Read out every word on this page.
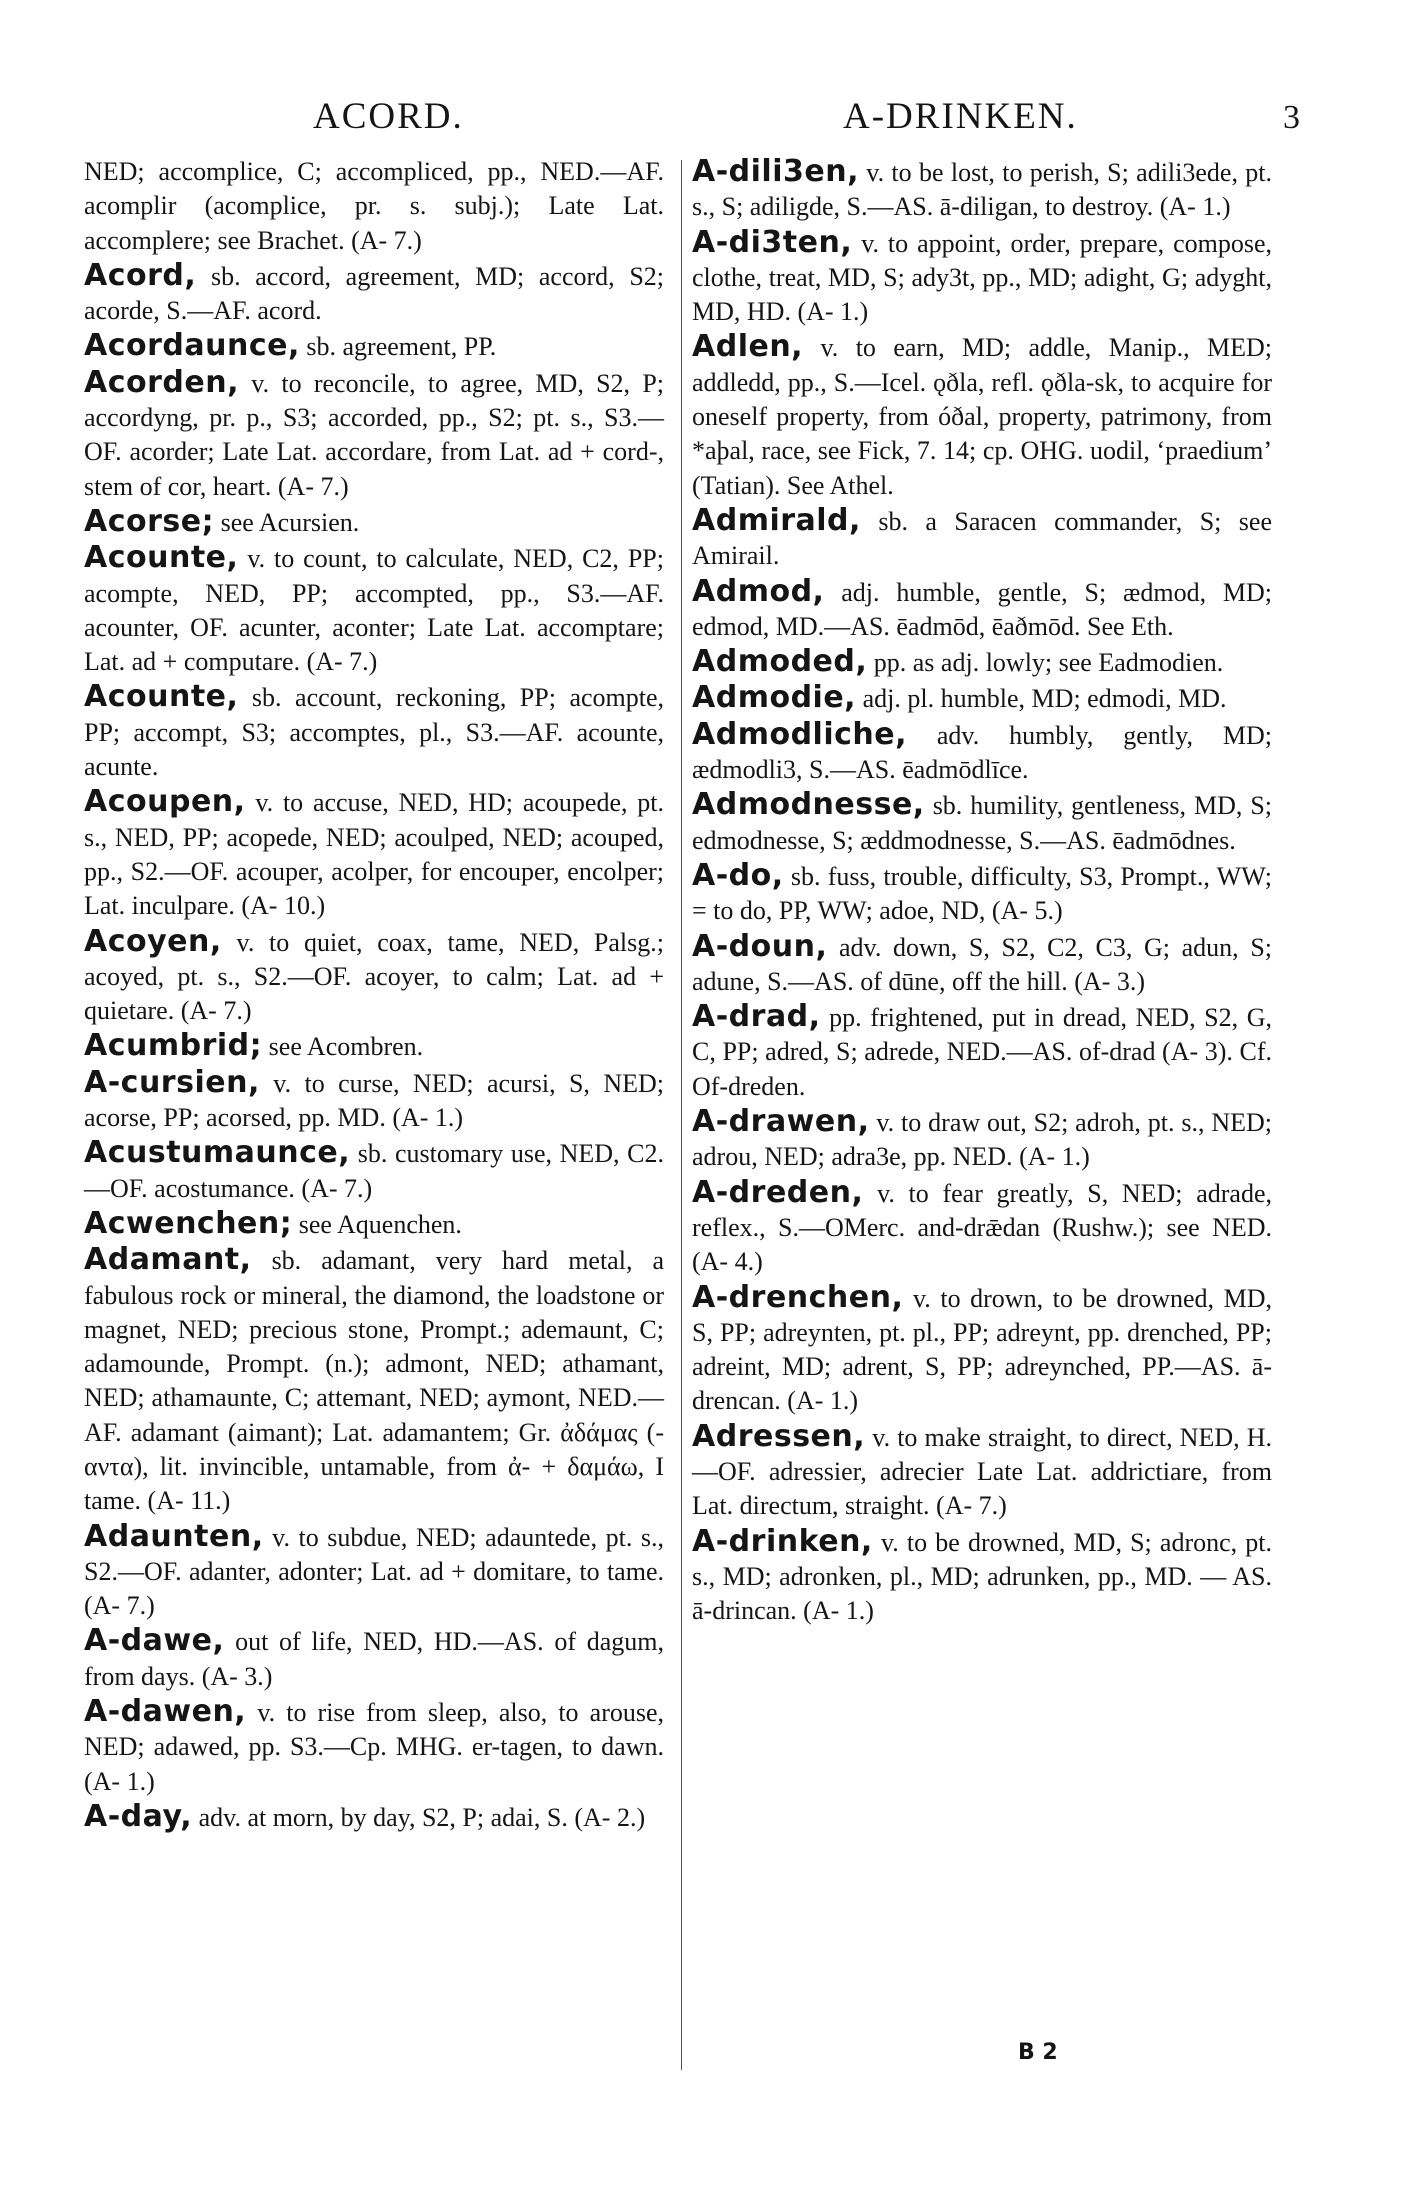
ACORD.	A-DRINKEN.	3

NED; accomplice, C; accompliced, pp., NED.—AF. acomplir (acomplice, pr. s. subj.); Late Lat. accomplere; see Brachet. (A- 7.)

Acord, sb. accord, agreement, MD; accord, S2; acorde, S.—AF. acord.

Acordaunce, sb. agreement, PP.

Acorden, v. to reconcile, to agree, MD, S2, P; accordyng, pr. p., S3; accorded, pp., S2; pt. s., S3.—OF. acorder; Late Lat. accordare, from Lat. ad + cord-, stem of cor, heart. (A- 7.)

Acorse; see Acursien.

Acounte, v. to count, to calculate, NED, C2, PP; acompte, NED, PP; accompted, pp., S3.—AF. acounter, OF. acunter, aconter; Late Lat. accomptare; Lat. ad + computare. (A- 7.)

Acounte, sb. account, reckoning, PP; acompte, PP; accompt, S3; accomptes, pl., S3.—AF. acounte, acunte.

Acoupen, v. to accuse, NED, HD; acoupede, pt. s., NED, PP; acopede, NED; acoulped, NED; acouped, pp., S2.—OF. acouper, acolper, for encouper, encolper; Lat. inculpare. (A- 10.)

Acoyen, v. to quiet, coax, tame, NED, Palsg.; acoyed, pt. s., S2.—OF. acoyer, to calm; Lat. ad + quietare. (A- 7.)

Acumbrid; see Acombren.

A-cursien, v. to curse, NED; acursi, S, NED; acorse, PP; acorsed, pp. MD. (A- 1.)

Acustumaunce, sb. customary use, NED, C2.—OF. acostumance. (A- 7.)

Acwenchen; see Aquenchen.

Adamant, sb. adamant, very hard metal, a fabulous rock or mineral, the diamond, the loadstone or magnet, NED; precious stone, Prompt.; ademaunt, C; adamounde, Prompt. (n.); admont, NED; athamant, NED; athamaunte, C; attemant, NED; aymont, NED.—AF. adamant (aimant); Lat. adamantem; Gr. ἀδάμας (-αντα), lit. invincible, untamable, from ἀ- + δαμάω, I tame. (A- 11.)

Adaunten, v. to subdue, NED; adauntede, pt. s., S2.—OF. adanter, adonter; Lat. ad + domitare, to tame. (A- 7.)

A-dawe, out of life, NED, HD.—AS. of dagum, from days. (A- 3.)

A-dawen, v. to rise from sleep, also, to arouse, NED; adawed, pp. S3.—Cp. MHG. er-tagen, to dawn. (A- 1.)

A-day, adv. at morn, by day, S2, P; adai, S. (A- 2.)

A-dili3en, v. to be lost, to perish, S; adili3ede, pt. s., S; adiligde, S.—AS. ā-diligan, to destroy. (A- 1.)

A-di3ten, v. to appoint, order, prepare, compose, clothe, treat, MD, S; ady3t, pp., MD; adight, G; adyght, MD, HD. (A- 1.)

Adlen, v. to earn, MD; addle, Manip., MED; addledd, pp., S.—Icel. ǫðla, refl. ǫðla-sk, to acquire for oneself property, from óðal, property, patrimony, from *aþal, race, see Fick, 7. 14; cp. OHG. uodil, ‘praedium’ (Tatian). See Athel.

Admirald, sb. a Saracen commander, S; see Amirail.

Admod, adj. humble, gentle, S; ædmod, MD; edmod, MD.—AS. ēadmōd, ēaðmōd. See Eth.

Admoded, pp. as adj. lowly; see Eadmodien.

Admodie, adj. pl. humble, MD; edmodi, MD.

Admodliche, adv. humbly, gently, MD; ædmodli3, S.—AS. ēadmōdlīce.

Admodnesse, sb. humility, gentleness, MD, S; edmodnesse, S; æddmodnesse, S.—AS. ēadmōdnes.

A-do, sb. fuss, trouble, difficulty, S3, Prompt., WW; = to do, PP, WW; adoe, ND, (A- 5.)

A-doun, adv. down, S, S2, C2, C3, G; adun, S; adune, S.—AS. of dūne, off the hill. (A- 3.)

A-drad, pp. frightened, put in dread, NED, S2, G, C, PP; adred, S; adrede, NED.—AS. of-drad (A- 3). Cf. Of-dreden.

A-drawen, v. to draw out, S2; adroh, pt. s., NED; adrou, NED; adra3e, pp. NED. (A- 1.)

A-dreden, v. to fear greatly, S, NED; adrade, reflex., S.—OMerc. and-drǣdan (Rushw.); see NED. (A- 4.)

A-drenchen, v. to drown, to be drowned, MD, S, PP; adreynten, pt. pl., PP; adreynt, pp. drenched, PP; adreint, MD; adrent, S, PP; adreynched, PP.—AS. ā-drencan. (A- 1.)

Adressen, v. to make straight, to direct, NED, H.—OF. adressier, adrecier Late Lat. addrictiare, from Lat. directum, straight. (A- 7.)

A-drinken, v. to be drowned, MD, S; adronc, pt. s., MD; adronken, pl., MD; adrunken, pp., MD. — AS. ā-drincan. (A- 1.)

B 2
